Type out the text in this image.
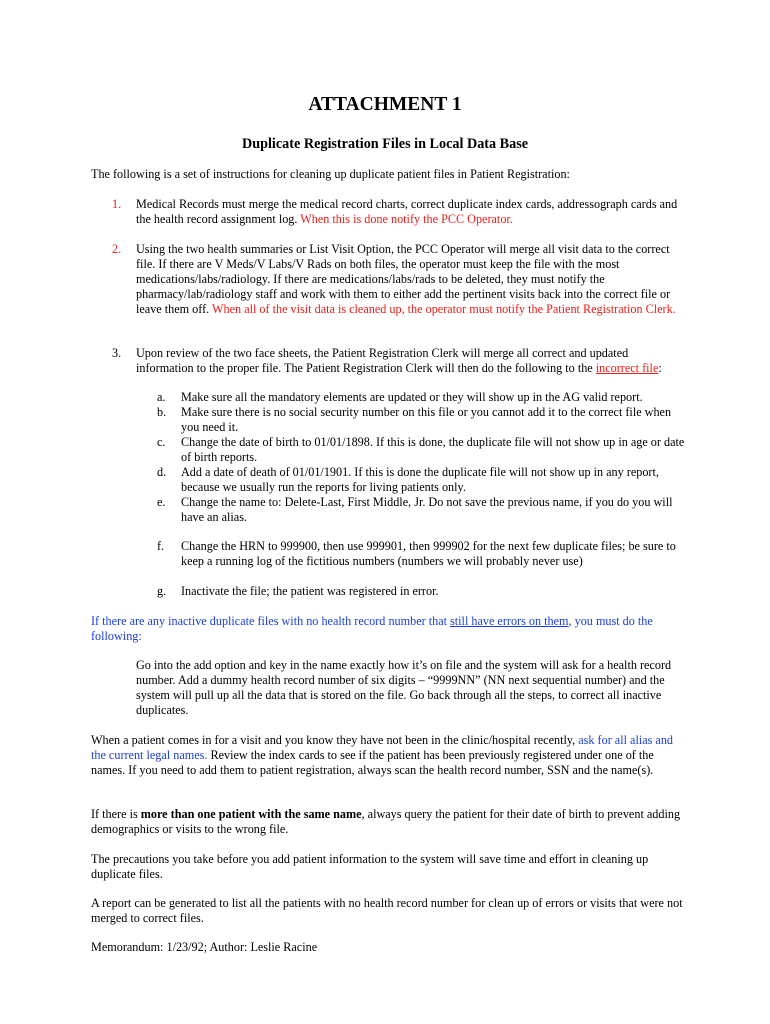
ATTACHMENT 1
Duplicate Registration Files in Local Data Base
The following is a set of instructions for cleaning up duplicate patient files in Patient Registration:
1. Medical Records must merge the medical record charts, correct duplicate index cards, addressograph cards and the health record assignment log. When this is done notify the PCC Operator.
2. Using the two health summaries or List Visit Option, the PCC Operator will merge all visit data to the correct file. If there are V Meds/V Labs/V Rads on both files, the operator must keep the file with the most medications/labs/radiology. If there are medications/labs/rads to be deleted, they must notify the pharmacy/lab/radiology staff and work with them to either add the pertinent visits back into the correct file or leave them off. When all of the visit data is cleaned up, the operator must notify the Patient Registration Clerk.
3. Upon review of the two face sheets, the Patient Registration Clerk will merge all correct and updated information to the proper file. The Patient Registration Clerk will then do the following to the incorrect file:
a. Make sure all the mandatory elements are updated or they will show up in the AG valid report.
b. Make sure there is no social security number on this file or you cannot add it to the correct file when you need it.
c. Change the date of birth to 01/01/1898. If this is done, the duplicate file will not show up in age or date of birth reports.
d. Add a date of death of 01/01/1901. If this is done the duplicate file will not show up in any report, because we usually run the reports for living patients only.
e. Change the name to: Delete-Last, First Middle, Jr. Do not save the previous name, if you do you will have an alias.
f. Change the HRN to 999900, then use 999901, then 999902 for the next few duplicate files; be sure to keep a running log of the fictitious numbers (numbers we will probably never use)
g. Inactivate the file; the patient was registered in error.
If there are any inactive duplicate files with no health record number that still have errors on them, you must do the following:
Go into the add option and key in the name exactly how it’s on file and the system will ask for a health record number. Add a dummy health record number of six digits – “9999NN” (NN next sequential number) and the system will pull up all the data that is stored on the file. Go back through all the steps, to correct all inactive duplicates.
When a patient comes in for a visit and you know they have not been in the clinic/hospital recently, ask for all alias and the current legal names. Review the index cards to see if the patient has been previously registered under one of the names. If you need to add them to patient registration, always scan the health record number, SSN and the name(s).
If there is more than one patient with the same name, always query the patient for their date of birth to prevent adding demographics or visits to the wrong file.
The precautions you take before you add patient information to the system will save time and effort in cleaning up duplicate files.
A report can be generated to list all the patients with no health record number for clean up of errors or visits that were not merged to correct files.
Memorandum: 1/23/92; Author: Leslie Racine
